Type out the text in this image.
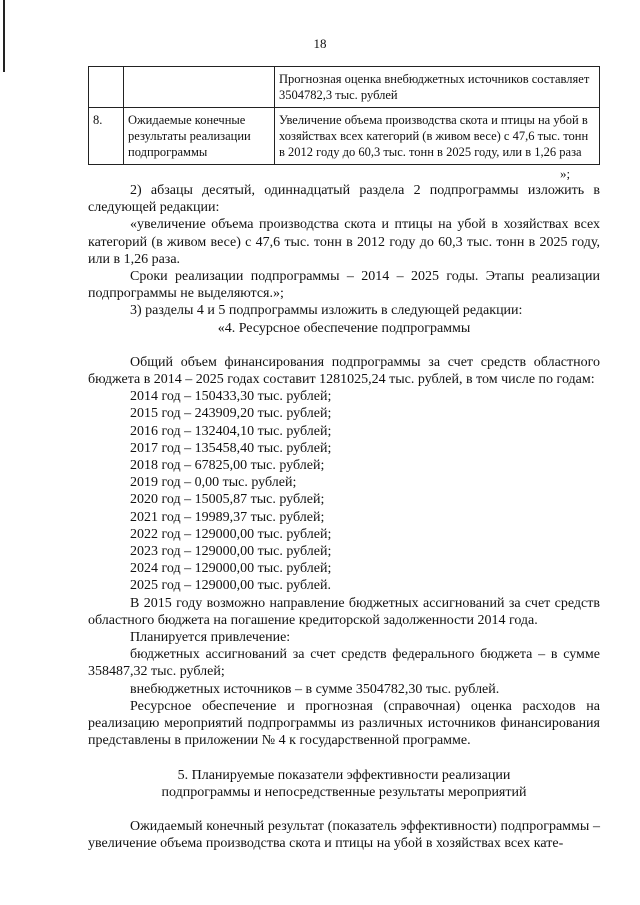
18
		Прогнозная оценка внебюджетных источников составляет 3504782,3 тыс. рублей
8.	Ожидаемые конечные результаты реализации подпрограммы	Увеличение объема производства скота и птицы на убой в хозяйствах всех категорий (в живом весе) с 47,6 тыс. тонн в 2012 году до 60,3 тыс. тонн в 2025 году, или в 1,26 раза
»;

2) абзацы десятый, одиннадцатый раздела 2 подпрограммы изложить в следующей редакции:

«увеличение объема производства скота и птицы на убой в хозяйствах всех категорий (в живом весе) с 47,6 тыс. тонн в 2012 году до 60,3 тыс. тонн в 2025 году, или в 1,26 раза.

Сроки реализации подпрограммы – 2014 – 2025 годы. Этапы реализации подпрограммы не выделяются.»;

3) разделы 4 и 5 подпрограммы изложить в следующей редакции:

«4. Ресурсное обеспечение подпрограммы

Общий объем финансирования подпрограммы за счет средств областного бюджета в 2014 – 2025 годах составит 1281025,24 тыс. рублей, в том числе по годам:

2014 год – 150433,30 тыс. рублей;

2015 год – 243909,20 тыс. рублей;

2016 год – 132404,10 тыс. рублей;

2017 год – 135458,40 тыс. рублей;

2018 год – 67825,00 тыс. рублей;

2019 год – 0,00 тыс. рублей;

2020 год – 15005,87 тыс. рублей;

2021 год – 19989,37 тыс. рублей;

2022 год – 129000,00 тыс. рублей;

2023 год – 129000,00 тыс. рублей;

2024 год – 129000,00 тыс. рублей;

2025 год – 129000,00 тыс. рублей.

В 2015 году возможно направление бюджетных ассигнований за счет средств областного бюджета на погашение кредиторской задолженности 2014 года.

Планируется привлечение:

бюджетных ассигнований за счет средств федерального бюджета – в сумме 358487,32 тыс. рублей;

внебюджетных источников – в сумме 3504782,30 тыс. рублей.

Ресурсное обеспечение и прогнозная (справочная) оценка расходов на реализацию мероприятий подпрограммы из различных источников финансирования представлены в приложении № 4 к государственной программе.

5. Планируемые показатели эффективности реализации

подпрограммы и непосредственные результаты мероприятий

Ожидаемый конечный результат (показатель эффективности) подпрограммы – увеличение объема производства скота и птицы на убой в хозяйствах всех кате-
